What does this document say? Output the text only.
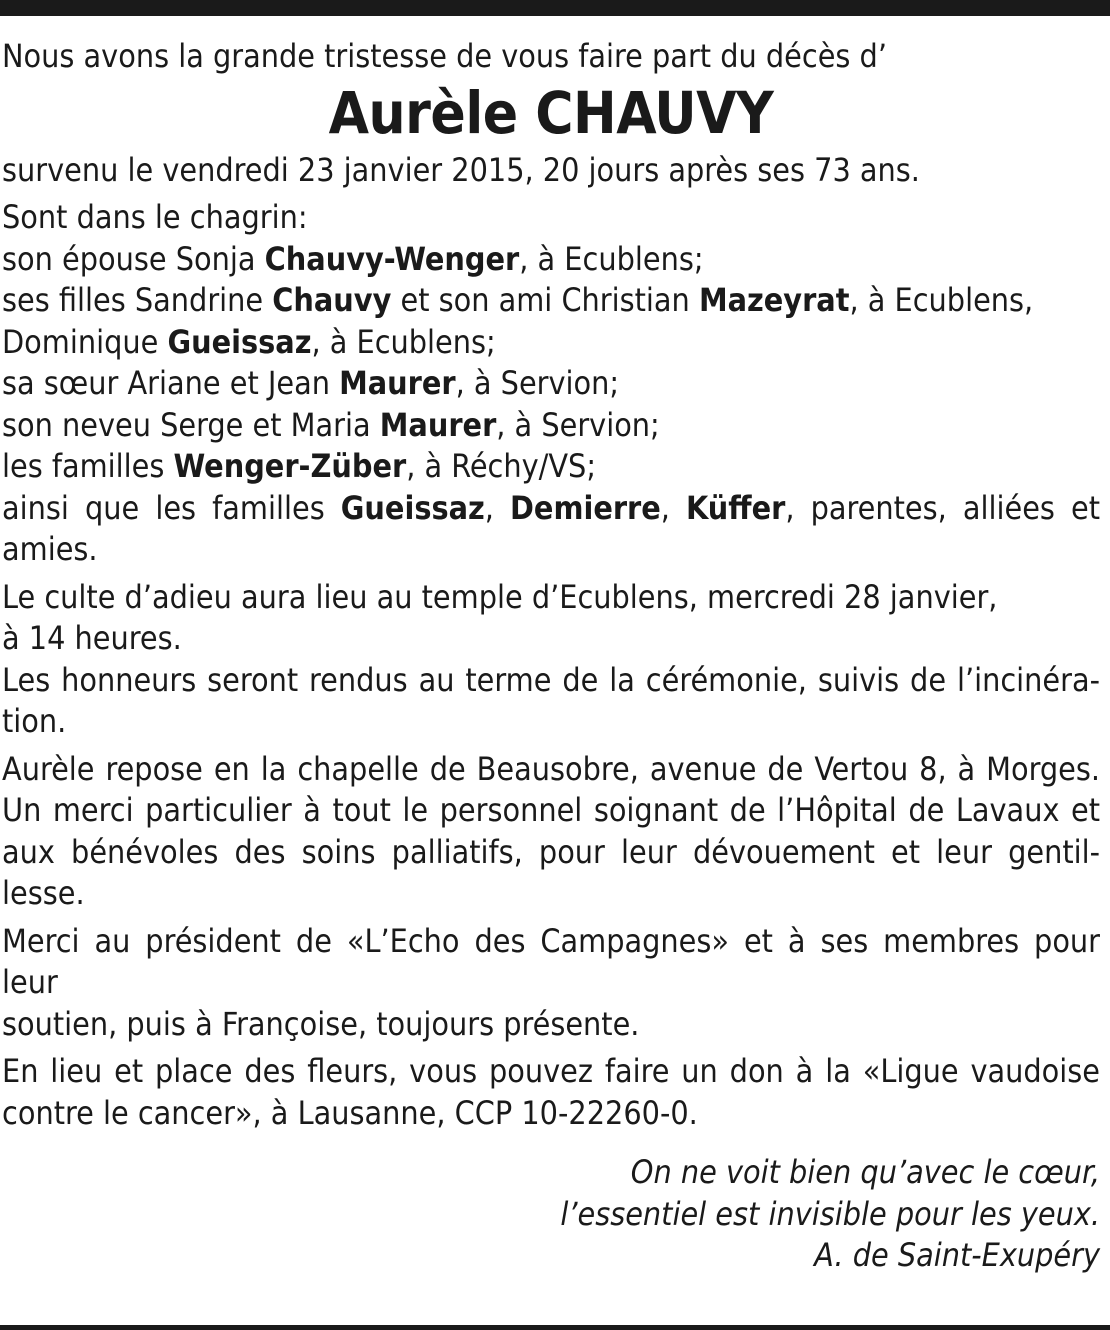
Nous avons la grande tristesse de vous faire part du décès d’
Aurèle CHAUVY
survenu le vendredi 23 janvier 2015, 20 jours après ses 73 ans.
Sont dans le chagrin:
son épouse Sonja Chauvy-Wenger, à Ecublens;
ses filles Sandrine Chauvy et son ami Christian Mazeyrat, à Ecublens,
Dominique Gueissaz, à Ecublens;
sa sœur Ariane et Jean Maurer, à Servion;
son neveu Serge et Maria Maurer, à Servion;
les familles Wenger-Züber, à Réchy/VS;
ainsi que les familles Gueissaz, Demierre, Küffer, parentes, alliées et
amies.
Le culte d’adieu aura lieu au temple d’Ecublens, mercredi 28 janvier,
à 14 heures.
Les honneurs seront rendus au terme de la cérémonie, suivis de l’incinéra-
tion.
Aurèle repose en la chapelle de Beausobre, avenue de Vertou 8, à Morges.
Un merci particulier à tout le personnel soignant de l’Hôpital de Lavaux et
aux bénévoles des soins palliatifs, pour leur dévouement et leur gentil-
lesse.
Merci au président de «L’Echo des Campagnes» et à ses membres pour leur
soutien, puis à Françoise, toujours présente.
En lieu et place des fleurs, vous pouvez faire un don à la «Ligue vaudoise
contre le cancer», à Lausanne, CCP 10-22260-0.
On ne voit bien qu’avec le cœur,
l’essentiel est invisible pour les yeux.
A. de Saint-Exupéry
